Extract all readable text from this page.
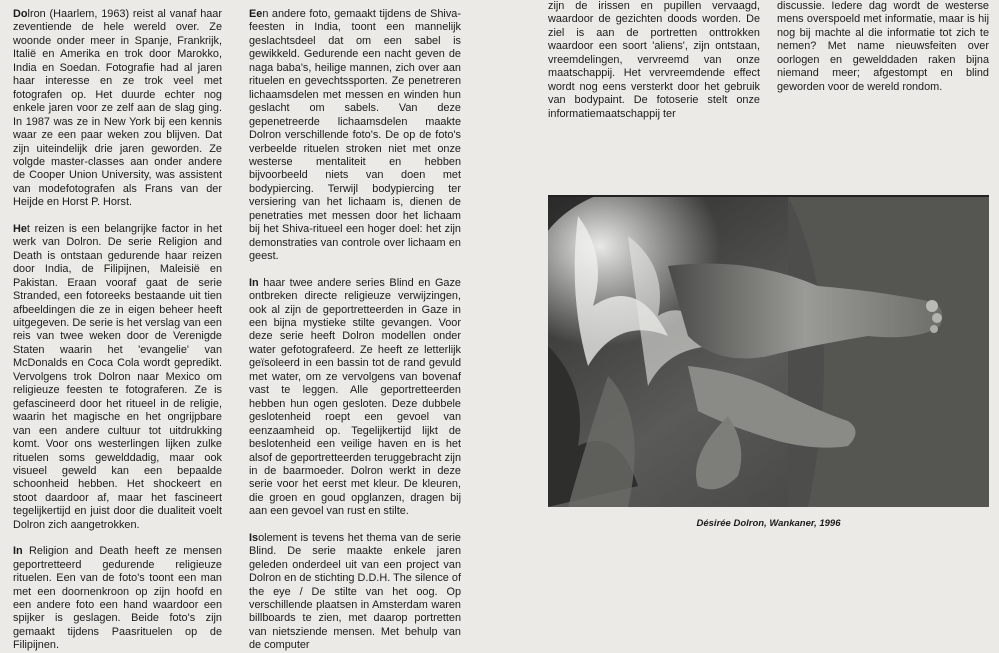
Dolron (Haarlem, 1963) reist al vanaf haar zeventiende de hele wereld over. Ze woonde onder meer in Spanje, Frankrijk, Italië en Amerika en trok door Marokko, India en Soedan. Fotografie had al jaren haar interesse en ze trok veel met fotografen op. Het duurde echter nog enkele jaren voor ze zelf aan de slag ging. In 1987 was ze in New York bij een kennis waar ze een paar weken zou blijven. Dat zijn uiteindelijk drie jaren geworden. Ze volgde master-classes aan onder andere de Cooper Union University, was assistent van modefotografen als Frans van der Heijde en Horst P. Horst.

Het reizen is een belangrijke factor in het werk van Dolron. De serie Religion and Death is ontstaan gedurende haar reizen door India, de Filipijnen, Maleisië en Pakistan. Eraan vooraf gaat de serie Stranded, een fotoreeks bestaande uit tien afbeeldingen die ze in eigen beheer heeft uitgegeven. De serie is het verslag van een reis van twee weken door de Verenigde Staten waarin het 'evangelie' van McDonalds en Coca Cola wordt gepredikt. Vervolgens trok Dolron naar Mexico om religieuze feesten te fotograferen. Ze is gefascineerd door het ritueel in de religie, waarin het magische en het ongrijpbare van een andere cultuur tot uitdrukking komt. Voor ons westerlingen lijken zulke rituelen soms gewelddadig, maar ook visueel geweld kan een bepaalde schoonheid hebben. Het shockeert en stoot daardoor af, maar het fascineert tegelijkertijd en juist door die dualiteit voelt Dolron zich aangetrokken.

In Religion and Death heeft ze mensen geportretteerd gedurende religieuze rituelen. Een van de foto's toont een man met een doornenkroon op zijn hoofd en een andere foto een hand waardoor een spijker is geslagen. Beide foto's zijn gemaakt tijdens Paasrituelen op de Filipijnen.

Een andere foto, gemaakt tijdens de Shiva-feesten in India, toont een mannelijk geslachtsdeel dat om een sabel is gewikkeld. Gedurende een nacht geven de naga baba's, heilige mannen, zich over aan rituelen en gevechtssporten. Ze penetreren lichaamsdelen met messen en winden hun geslacht om sabels. Van deze gepenetreerde lichaamsdelen maakte Dolron verschillende foto's. De op de foto's verbeelde rituelen stroken niet met onze westerse mentaliteit en hebben bijvoorbeeld niets van doen met bodypiercing. Terwijl bodypiercing ter versiering van het lichaam is, dienen de penetraties met messen door het lichaam bij het Shiva-ritueel een hoger doel: het zijn demonstraties van controle over lichaam en geest.

In haar twee andere series Blind en Gaze ontbreken directe religieuze verwijzingen, ook al zijn de geportretteerden in Gaze in een bijna mystieke stilte gevangen. Voor deze serie heeft Dolron modellen onder water gefotografeerd. Ze heeft ze letterlijk geïsoleerd in een bassin tot de rand gevuld met water, om ze vervolgens van bovenaf vast te leggen. Alle geportretteerden hebben hun ogen gesloten. Deze dubbele geslotenheid roept een gevoel van eenzaamheid op. Tegelijkertijd lijkt de beslotenheid een veilige haven en is het alsof de geportretteerden teruggebracht zijn in de baarmoeder. Dolron werkt in deze serie voor het eerst met kleur. De kleuren, die groen en goud opglanzen, dragen bij aan een gevoel van rust en stilte.

Isolement is tevens het thema van de serie Blind. De serie maakte enkele jaren geleden onderdeel uit van een project van Dolron en de stichting D.D.H. The silence of the eye / De stilte van het oog. Op verschillende plaatsen in Amsterdam waren billboards te zien, met daarop portretten van nietsziende mensen. Met behulp van de computer

zijn de irissen en pupillen vervaagd, waardoor de gezichten doods worden. De ziel is aan de portretten onttrokken waardoor een soort 'aliens', zijn ontstaan, vreemdelingen, vervreemd van onze maatschappij. Het vervreemdende effect wordt nog eens versterkt door het gebruik van bodypaint. De fotoserie stelt onze informatiemaatschappij ter

discussie. Iedere dag wordt de westerse mens overspoeld met informatie, maar is hij nog bij machte al die informatie tot zich te nemen? Met name nieuwsfeiten over oorlogen en gewelddaden raken bijna niemand meer; afgestompt en blind geworden voor de wereld rondom.

Désirée Dolron, Wankaner, 1996
